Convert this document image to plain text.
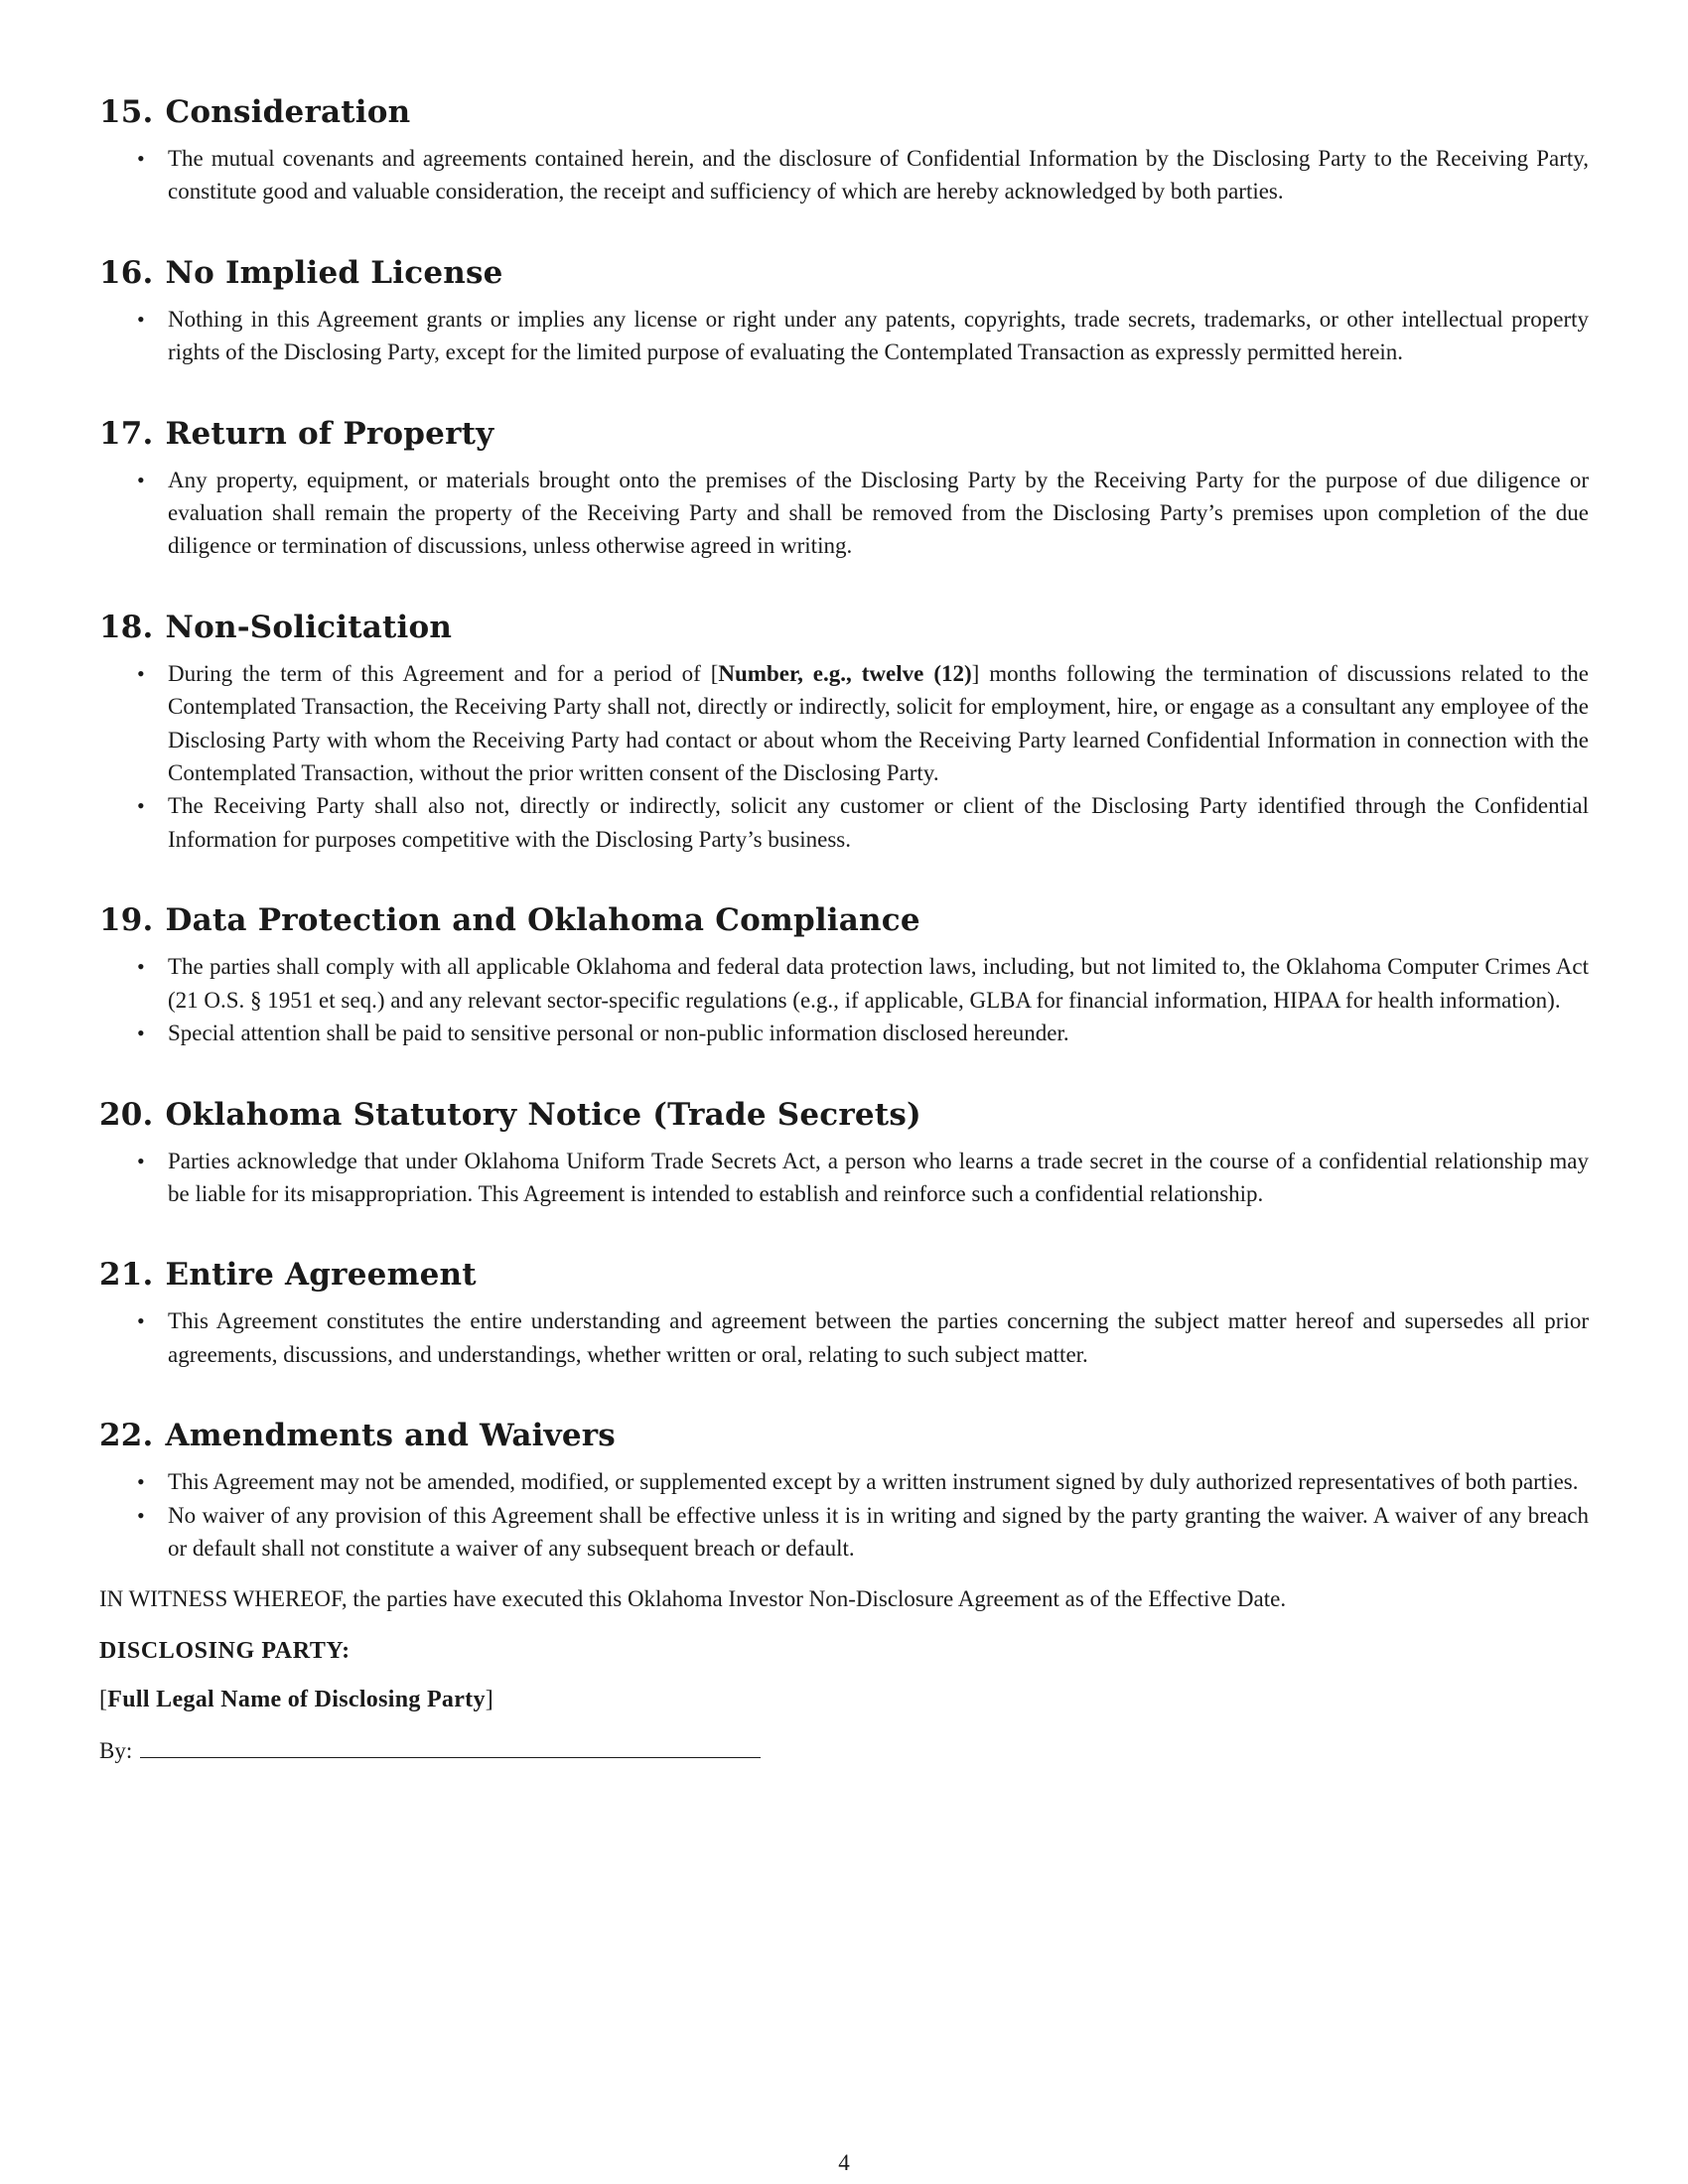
15. Consideration
• The mutual covenants and agreements contained herein, and the disclosure of Confidential Information by the Disclosing Party to the Receiving Party, constitute good and valuable consideration, the receipt and sufficiency of which are hereby acknowledged by both parties.
16. No Implied License
• Nothing in this Agreement grants or implies any license or right under any patents, copyrights, trade secrets, trademarks, or other intellectual property rights of the Disclosing Party, except for the limited purpose of evaluating the Contemplated Transaction as expressly permitted herein.
17. Return of Property
• Any property, equipment, or materials brought onto the premises of the Disclosing Party by the Receiving Party for the purpose of due diligence or evaluation shall remain the property of the Receiving Party and shall be removed from the Disclosing Party’s premises upon completion of the due diligence or termination of discussions, unless otherwise agreed in writing.
18. Non-Solicitation
• During the term of this Agreement and for a period of [Number, e.g., twelve (12)] months following the termination of discussions related to the Contemplated Transaction, the Receiving Party shall not, directly or indirectly, solicit for employment, hire, or engage as a consultant any employee of the Disclosing Party with whom the Receiving Party had contact or about whom the Receiving Party learned Confidential Information in connection with the Contemplated Transaction, without the prior written consent of the Disclosing Party.
• The Receiving Party shall also not, directly or indirectly, solicit any customer or client of the Disclosing Party identified through the Confidential Information for purposes competitive with the Disclosing Party’s business.
19. Data Protection and Oklahoma Compliance
• The parties shall comply with all applicable Oklahoma and federal data protection laws, including, but not limited to, the Oklahoma Computer Crimes Act (21 O.S. § 1951 et seq.) and any relevant sector-specific regulations (e.g., if applicable, GLBA for financial information, HIPAA for health information).
• Special attention shall be paid to sensitive personal or non-public information disclosed hereunder.
20. Oklahoma Statutory Notice (Trade Secrets)
• Parties acknowledge that under Oklahoma Uniform Trade Secrets Act, a person who learns a trade secret in the course of a confidential relationship may be liable for its misappropriation. This Agreement is intended to establish and reinforce such a confidential relationship.
21. Entire Agreement
• This Agreement constitutes the entire understanding and agreement between the parties concerning the subject matter hereof and supersedes all prior agreements, discussions, and understandings, whether written or oral, relating to such subject matter.
22. Amendments and Waivers
• This Agreement may not be amended, modified, or supplemented except by a written instrument signed by duly authorized representatives of both parties.
• No waiver of any provision of this Agreement shall be effective unless it is in writing and signed by the party granting the waiver. A waiver of any breach or default shall not constitute a waiver of any subsequent breach or default.
IN WITNESS WHEREOF, the parties have executed this Oklahoma Investor Non-Disclosure Agreement as of the Effective Date.
DISCLOSING PARTY:
[Full Legal Name of Disclosing Party]
By:
4
